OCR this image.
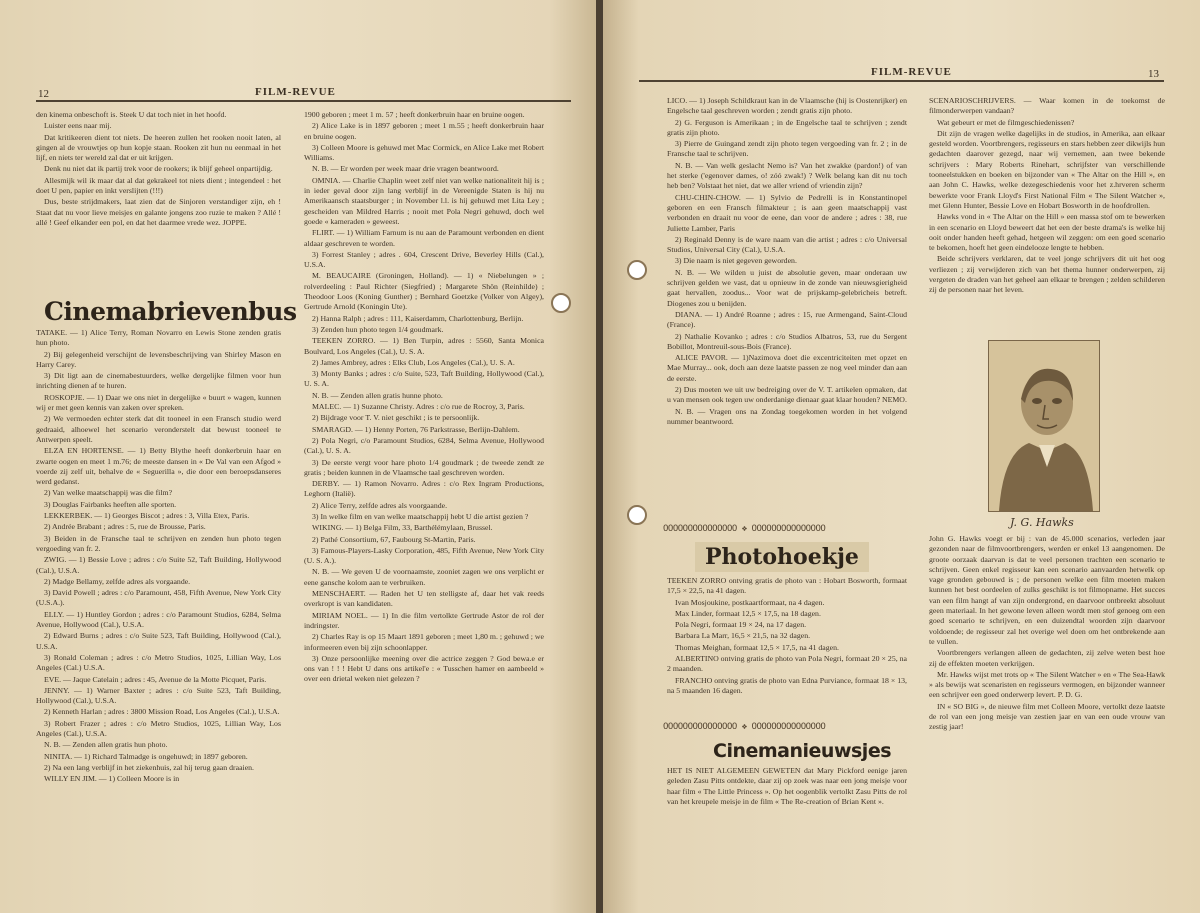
12	FILM-REVUE

den kinema onbeschoft is. Steek U dat toch niet in het hoofd.

Luister eens naar mij.

Dat kritikeeren dient tot niets. De heeren zullen het rooken nooit laten, al gingen al de vrouwtjes op hun kopje staan. Rooken zit hun nu eenmaal in het lijf, en niets ter wereld zal dat er uit krijgen.

Denk nu niet dat ik partij trek voor de rookers; ik blijf geheel onpartijdig.

Allesmijk wil ik maar dat al dat gekrakeel tot niets dient ; integendeel : het doet U pen, papier en inkt verslijten (!!!)

Dus, beste strijdmakers, laat zien dat de Sinjoren verstandiger zijn, eh ! Staat dat nu voor lieve meisjes en galante jongens zoo ruzie te maken ? Allé ! allé ! Geef elkander een pol, en dat het daarmee vrede wez. JOPPE.

Cinemabrievenbus

TATAKE. — 1) Alice Terry, Roman Novarro en Lewis Stone zenden gratis hun photo.

2) Bij gelegenheid verschijnt de levensbeschrijving van Shirley Mason en Harry Carey.

3) Dit ligt aan de cinemabestuurders, welke dergelijke filmen voor hun inrichting dienen af te huren.

ROSKOPJE. — 1) Daar we ons niet in dergelijke « buurt » wagen, kunnen wij er met geen kennis van zaken over spreken.

2) We vermoeden echter sterk dat dit tooneel in een Fransch studio werd gedraaid, alhoewel het scenario veronderstelt dat bewust tooneel te Antwerpen speelt.

ELZA EN HORTENSE. — 1) Betty Blythe heeft donkerbruin haar en zwarte oogen en meet 1 m.76; de meeste dansen in « De Val van een Afgod » voerde zij zelf uit, behalve de « Seguerilla », die door een beroepsdanseres werd gedanst.

2) Van welke maatschappij was die film?

3) Douglas Fairbanks heeften alle sporten.

LEKKERBEK. — 1) Georges Biscot ; adres : 3, Villa Etex, Paris.

2) Andrée Brabant ; adres : 5, rue de Brousse, Paris.

3) Beiden in de Fransche taal te schrijven en zenden hun photo tegen vergoeding van fr. 2.

ZWIG. — 1) Bessie Love ; adres : c/o Suite 52, Taft Building, Hollywood (Cal.), U.S.A.

2) Madge Bellamy, zelfde adres als vorgaande.

3) David Powell ; adres : c/o Paramount, 458, Fifth Avenue, New York City (U.S.A.).

ELLY. — 1) Huntley Gordon ; adres : c/o Paramount Studios, 6284, Selma Avenue, Hollywood (Cal.), U.S.A.

2) Edward Burns ; adres : c/o Suite 523, Taft Building, Hollywood (Cal.), U.S.A.

3) Ronald Coleman ; adres : c/o Metro Studios, 1025, Lillian Way, Los Angeles (Cal.) U.S.A.

EVE. — Jaque Catelain ; adres : 45, Avenue de la Motte Picquet, Paris.

JENNY. — 1) Warner Baxter ; adres : c/o Suite 523, Taft Building, Hollywood (Cal.), U.S.A.

2) Kenneth Harlan ; adres : 3800 Mission Road, Los Angeles (Cal.), U.S.A.

3) Robert Frazer ; adres : c/o Metro Studios, 1025, Lillian Way, Los Angeles (Cal.), U.S.A.

N. B. — Zenden allen gratis hun photo.

NINITA. — 1) Richard Talmadge is ongehuwd; in 1897 geboren.

2) Na een lang verblijf in het ziekenhuis, zal hij terug gaan draaien.

WILLY EN JIM. — 1) Colleen Moore is in

1900 geboren ; meet 1 m. 57 ; heeft donkerbruin haar en bruine oogen.

2) Alice Lake is in 1897 geboren ; meet 1 m.55 ; heeft donkerbruin haar en bruine oogen.

3) Colleen Moore is gehuwd met Mac Cormick, en Alice Lake met Robert Williams.

N. B. — Er worden per week maar drie vragen beantwoord.

OMNIA. — Charlie Chaplin weet zelf niet van welke nationaliteit hij is ; in ieder geval door zijn lang verblijf in de Vereenigde Staten is hij nu Amerikaansch staatsburger ; in November l.l. is hij gehuwd met Lita Ley ; gescheiden van Mildred Harris ; nooit met Pola Negri gehuwd, doch wel goede « kameraden » geweest.

FLIRT. — 1) William Farnum is nu aan de Paramount verbonden en dient aldaar geschreven te worden.

3) Forrest Stanley ; adres . 604, Crescent Drive, Beverley Hills (Cal.), U.S.A.

M. BEAUCAIRE (Groningen, Holland). — 1) « Niebelungen » ; rolverdeeling : Paul Richter (Siegfried) ; Margarete Shön (Reinhilde) ; Theodoor Loos (Koning Gunther) ; Bernhard Goetzke (Volker von Algey), Gertrude Arnold (Koningin Ute).

2) Hanna Ralph ; adres : 111, Kaiserdamm, Charlottenburg, Berlijn.

3) Zenden hun photo tegen 1/4 goudmark.

TEEKEN ZORRO. — 1) Ben Turpin, adres : 5560, Santa Monica Boulvard, Los Angeles (Cal.), U. S. A.

2) James Ambrey, adres : Elks Club, Los Angeles (Cal.), U. S. A.

3) Monty Banks ; adres : c/o Suite, 523, Taft Building, Hollywood (Cal.), U. S. A.

N. B. — Zenden allen gratis hunne photo.

MALEC. — 1) Suzanne Christy. Adres : c/o rue de Rocroy, 3, Paris.

2) Bijdrage voor T. V. niet geschikt ; is te persoonlijk.

SMARAGD. — 1) Henny Porten, 76 Parkstrasse, Berlijn-Dahlem.

2) Pola Negri, c/o Paramount Studios, 6284, Selma Avenue, Hollywood (Cal.), U. S. A.

3) De eerste vergt voor hare photo 1/4 goudmark ; de tweede zendt ze gratis ; beiden kunnen in de Vlaamsche taal geschreven worden.

DERBY. — 1) Ramon Novarro. Adres : c/o Rex Ingram Productions, Leghorn (Italië).

2) Alice Terry, zelfde adres als voorgaande.

3) In welke film en van welke maatschappij hebt U die artist gezien ?

WIKING. — 1) Belga Film, 33, Barthélémylaan, Brussel.

2) Pathé Consortium, 67, Faubourg St-Martin, Paris.

3) Famous-Players-Lasky Corporation, 485, Fifth Avenue, New York City (U. S. A.).

N. B. — We geven U de voornaamste, zooniet zagen we ons verplicht er eene gansche kolom aan te verbruiken.

MENSCHAERT. — Raden het U ten stelligste af, daar het vak reeds overkropt is van kandidaten.

MIRIAM NOEL. — 1) In die film vertolkte Gertrude Astor de rol der indringster.

2) Charles Ray is op 15 Maart 1891 geboren ; meet 1,80 m. ; gehuwd ; we informeeren even bij zijn schoonlapper.

3) Onze persoonlijke meening over die actrice zeggen ? God bewa.e er ons van ! ! ! Hebt U dans ons artikel'e : « Tusschen hamer en aambeeld » over een drietal weken niet gelezen ?

FILM-REVUE	13

LICO. — 1) Joseph Schildkraut kan in de Vlaamsche (hij is Oostenrijker) en Engelsche taal geschreven worden ; zendt gratis zijn photo.

2) G. Ferguson is Amerikaan ; in de Engelsche taal te schrijven ; zendt gratis zijn photo.

3) Pierre de Guingand zendt zijn photo tegen vergoeding van fr. 2 ; in de Fransche taal te schrijven.

N. B. — Van welk geslacht Nemo is? Van het zwakke (pardon!) of van het sterke ('egenover dames, o! zóó zwak!) ? Welk belang kan dit nu toch heb ben? Volstaat het niet, dat we aller vriend of vriendin zijn?

CHU-CHIN-CHOW. — 1) Sylvio de Pedrelli is in Konstantinopel geboren en een Fransch filmakteur ; is aan geen maatschappij vast verbonden en draait nu voor de eene, dan voor de andere ; adres : 38, rue Juliette Lamber, Paris

2) Reginald Denny is de ware naam van die artist ; adres : c/o Universal Studios, Universal City (Cal.), U.S.A.

3) Die naam is niet gegeven geworden.

N. B. — We wilden u juist de absolutie geven, maar onderaan uw schrijven gelden we vast, dat u opnieuw in de zonde van nieuwsgierigheid gaat hervallen, zoodus... Voor wat de prijskamp-gelebricheis betreft. Diogenes zou u benijden.

DIANA. — 1) André Roanne ; adres : 15, rue Armengand, Saint-Cloud (France).

2) Nathalie Kovanko ; adres : c/o Studios Albatros, 53, rue du Sergent Bobillot, Montreuil-sous-Bois (France).

ALICE PAVOR. — 1)Nazimova doet die excentriciteiten met opzet en Mae Murray... ook, doch aan deze laatste passen ze nog veel minder dan aan de eerste.

2) Dus moeten we uit uw bedreiging over de V. T. artikelen opmaken, dat u van mensen ook tegen uw onderdanige dienaar gaat klaar houden? NEMO.

N. B. — Vragen ons na Zondag toegekomen worden in het volgend nummer beantwoord.

OOOOOOOOOOOOOOO ❖ OOOOOOOOOOOOOOO
Photohoekje

TEEKEN ZORRO ontving gratis de photo van : Hobart Bosworth, formaat 17,5 × 22,5, na 41 dagen.

Ivan Mosjoukine, postkaartformaat, na 4 dagen.

Max Linder, formaat 12,5 × 17,5, na 18 dagen.

Pola Negri, formaat 19 × 24, na 17 dagen.

Barbara La Marr, 16,5 × 21,5, na 32 dagen.

Thomas Meighan, formaat 12,5 × 17,5, na 41 dagen.

ALBERTINO ontving gratis de photo van Pola Negri, formaat 20 × 25, na 2 maanden.

FRANCHO ontving gratis de photo van Edna Purviance, formaat 18 × 13, na 5 maanden 16 dagen.

OOOOOOOOOOOOOOO ❖ OOOOOOOOOOOOOOO
Cinemanieuwsjes

HET IS NIET ALGEMEEN GEWETEN dat Mary Pickford eenige jaren geleden Zasu Pitts ontdekte, daar zij op zoek was naar een jong meisje voor haar film « The Little Princess ». Op het oogenblik vertolkt Zasu Pitts de rol van het kreupele meisje in de film « The Re-creation of Brian Kent ».

SCENARIOSCHRIJVERS. — Waar komen in de toekomst de filmonderwerpen vandaan?

Wat gebeurt er met de filmgeschiedenissen?

Dit zijn de vragen welke dagelijks in de studios, in Amerika, aan elkaar gesteld worden. Voortbrengers, regisseurs en stars hebben zeer dikwijls hun gedachten daarover gezegd, naar wij vernemen, aan twee bekende schrijvers : Mary Roberts Rinehart, schrijfster van verschillende tooneelstukken en boeken en bijzonder van « The Altar on the Hill », en aan John C. Hawks, welke dezegeschiedenis voor het z.hrveren scherm bewerkte voor Frank Lloyd's First National Film « The Silent Watcher », met Glenn Hunter, Bessie Love en Hobart Bosworth in de hoofdrollen.

Hawks vond in « The Altar on the Hill » een massa stof om te bewerken in een scenario en Lloyd beweert dat het een der beste drama's is welke hij ooit onder handen heeft gehad, hetgeen wil zeggen: om een goed scenario te bekomen, hoeft het geen eindelooze lengte te hebben.

Beide schrijvers verklaren, dat te veel jonge schrijvers dit uit het oog verliezen ; zij verwijderen zich van het thema hunner onderwerpen, zij vergeten de draden van het geheel aan elkaar te brengen ; zelden schilderen zij de personen naar het leven.

John G. Hawks voegt er bij : van de 45.000 scenarios, verleden jaar gezonden naar de filmvoortbrengers, werden er enkel 13 aangenomen. De groote oorzaak daarvan is dat te veel personen trachten een scenario te schrijven. Geen enkel regisseur kan een scenario aanvaarden hetwelk op vage gronden gebouwd is ; de personen welke een film moeten maken kunnen het best oordeelen of zulks geschikt is tot filmopname. Het succes van een film hangt af van zijn ondergrond, en daarvoor ontbreekt absoluut geen materiaal. In het gewone leven alleen wordt men stof genoeg om een goed scenario te schrijven, en een duizendtal woorden zijn daarvoor voldoende; de regisseur zal het overige wel doen om het ontbrekende aan te vullen.

Voortbrengers verlangen alleen de gedachten, zij zelve weten best hoe zij de effekten moeten verkrijgen.

Mr. Hawks wijst met trots op « The Silent Watcher » en « The Sea-Hawk » als bewijs wat scenaristen en regisseurs vermogen, en bijzonder wanneer een schrijver een goed onderwerp levert. P. D. G.

IN « SO BIG », de nieuwe film met Colleen Moore, vertolkt deze laatste de rol van een jong meisje van zestien jaar en van een oude vrouw van zestig jaar!

J. G. Hawks
